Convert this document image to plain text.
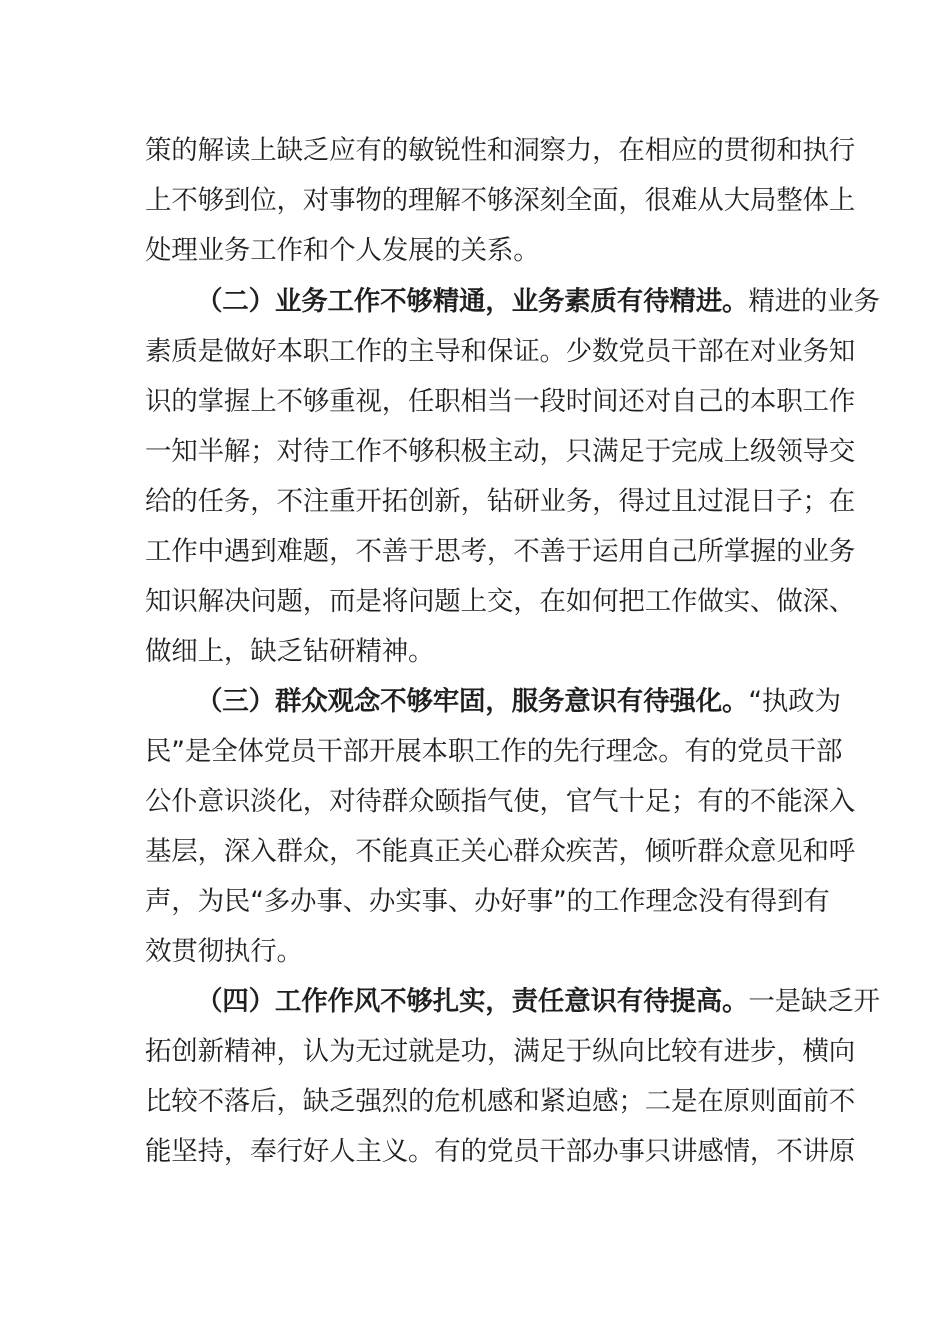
策的解读上缺乏应有的敏锐性和洞察力，在相应的贯彻和执行
上不够到位，对事物的理解不够深刻全面，很难从大局整体上
处理业务工作和个人发展的关系。
（二）业务工作不够精通，业务素质有待精进。精进的业务
素质是做好本职工作的主导和保证。少数党员干部在对业务知
识的掌握上不够重视，任职相当一段时间还对自己的本职工作
一知半解；对待工作不够积极主动，只满足于完成上级领导交
给的任务，不注重开拓创新，钻研业务，得过且过混日子；在
工作中遇到难题，不善于思考，不善于运用自己所掌握的业务
知识解决问题，而是将问题上交，在如何把工作做实、做深、
做细上，缺乏钻研精神。
（三）群众观念不够牢固，服务意识有待强化。“执政为
民”是全体党员干部开展本职工作的先行理念。有的党员干部
公仆意识淡化，对待群众颐指气使，官气十足；有的不能深入
基层，深入群众，不能真正关心群众疾苦，倾听群众意见和呼
声，为民“多办事、办实事、办好事”的工作理念没有得到有
效贯彻执行。
（四）工作作风不够扎实，责任意识有待提高。一是缺乏开
拓创新精神，认为无过就是功，满足于纵向比较有进步，横向
比较不落后，缺乏强烈的危机感和紧迫感；二是在原则面前不
能坚持，奉行好人主义。有的党员干部办事只讲感情，不讲原
